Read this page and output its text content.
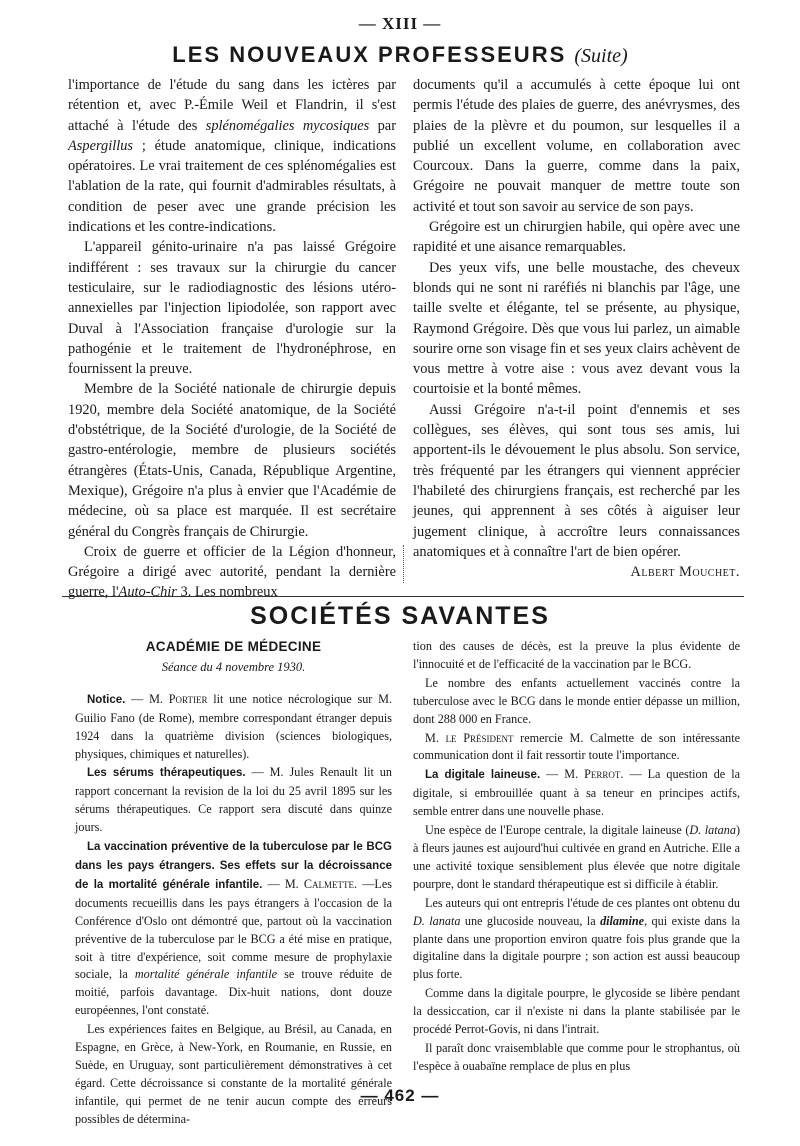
— XIII —
LES NOUVEAUX PROFESSEURS (Suite)

l'importance de l'étude du sang dans les ictères par rétention et, avec P.-Émile Weil et Flandrin, il s'est attaché à l'étude des splénomégalies mycosiques par Aspergillus ; étude anatomique, clinique, indications opératoires. Le vrai traitement de ces splénomégalies est l'ablation de la rate, qui fournit d'admirables résultats, à condition de peser avec une grande précision les indications et les contre-indications.

L'appareil génito-urinaire n'a pas laissé Grégoire indifférent : ses travaux sur la chirurgie du cancer testiculaire, sur le radiodiagnostic des lésions utéro-annexielles par l'injection lipiodolée, son rapport avec Duval à l'Association française d'urologie sur la pathogénie et le traitement de l'hydronéphrose, en fournissent la preuve.

Membre de la Société nationale de chirurgie depuis 1920, membre dela Société anatomique, de la Société d'obstétrique, de la Société d'urologie, de la Société de gastro-entérologie, membre de plusieurs sociétés étrangères (États-Unis, Canada, République Argentine, Mexique), Grégoire n'a plus à envier que l'Académie de médecine, où sa place est marquée. Il est secrétaire général du Congrès français de Chirurgie.

Croix de guerre et officier de la Légion d'honneur, Grégoire a dirigé avec autorité, pendant la dernière guerre, l'Auto-Chir 3. Les nombreux

documents qu'il a accumulés à cette époque lui ont permis l'étude des plaies de guerre, des anévrysmes, des plaies de la plèvre et du poumon, sur lesquelles il a publié un excellent volume, en collaboration avec Courcoux. Dans la guerre, comme dans la paix, Grégoire ne pouvait manquer de mettre toute son activité et tout son savoir au service de son pays.

Grégoire est un chirurgien habile, qui opère avec une rapidité et une aisance remarquables.

Des yeux vifs, une belle moustache, des cheveux blonds qui ne sont ni raréfiés ni blanchis par l'âge, une taille svelte et élégante, tel se présente, au physique, Raymond Grégoire. Dès que vous lui parlez, un aimable sourire orne son visage fin et ses yeux clairs achèvent de vous mettre à votre aise : vous avez devant vous la courtoisie et la bonté mêmes.

Aussi Grégoire n'a-t-il point d'ennemis et ses collègues, ses élèves, qui sont tous ses amis, lui apportent-ils le dévouement le plus absolu. Son service, très fréquenté par les étrangers qui viennent apprécier l'habileté des chirurgiens français, est recherché par les jeunes, qui apprennent à ses côtés à aiguiser leur jugement clinique, à accroître leurs connaissances anatomiques et à connaître l'art de bien opérer.

Albert Mouchet.
SOCIÉTÉS SAVANTES
ACADÉMIE DE MÉDECINE
Séance du 4 novembre 1930.

Notice. — M. Portier lit une notice nécrologique sur M. Guilio Fano (de Rome), membre correspondant étranger depuis 1924 dans la quatrième division (sciences biologiques, physiques, chimiques et naturelles).

Les sérums thérapeutiques. — M. Jules Renault lit un rapport concernant la revision de la loi du 25 avril 1895 sur les sérums thérapeutiques. Ce rapport sera discuté dans quinze jours.

La vaccination préventive de la tuberculose par le BCG dans les pays étrangers. Ses effets sur la décroissance de la mortalité générale infantile. — M. Calmette. —Les documents recueillis dans les pays étrangers à l'occasion de la Conférence d'Oslo ont démontré que, partout où la vaccination préventive de la tuberculose par le BCG a été mise en pratique, soit à titre d'expérience, soit comme mesure de prophylaxie sociale, la mortalité générale infantile se trouve réduite de moitié, parfois davantage. Dix-huit nations, dont douze européennes, l'ont constaté.

Les expériences faites en Belgique, au Brésil, au Canada, en Espagne, en Grèce, à New-York, en Roumanie, en Russie, en Suède, en Uruguay, sont particulièrement démonstratives à cet égard. Cette décroissance si constante de la mortalité générale infantile, qui permet de ne tenir aucun compte des erreurs possibles de détermina-

tion des causes de décès, est la preuve la plus évidente de l'innocuité et de l'efficacité de la vaccination par le BCG.

Le nombre des enfants actuellement vaccinés contre la tuberculose avec le BCG dans le monde entier dépasse un million, dont 288 000 en France.

M. le Président remercie M. Calmette de son intéressante communication dont il fait ressortir toute l'importance.

La digitale laineuse. — M. Perrot. — La question de la digitale, si embrouillée quant à sa teneur en principes actifs, semble entrer dans une nouvelle phase.

Une espèce de l'Europe centrale, la digitale laineuse (D. latana) à fleurs jaunes est aujourd'hui cultivée en grand en Autriche. Elle a une activité toxique sensiblement plus élevée que notre digitale pourpre, dont le standard thérapeutique est si difficile à établir.

Les auteurs qui ont entrepris l'étude de ces plantes ont obtenu du D. lanata une glucoside nouveau, la dilamine, qui existe dans la plante dans une proportion environ quatre fois plus grande que la digitaline dans la digitale pourpre ; son action est aussi beaucoup plus forte.

Comme dans la digitale pourpre, le glycoside se libère pendant la dessiccation, car il n'existe ni dans la plante stabilisée par le procédé Perrot-Govis, ni dans l'intrait.

Il paraît donc vraisemblable que comme pour le strophantus, où l'espèce à ouabaïne remplace de plus en plus

— 462 —
